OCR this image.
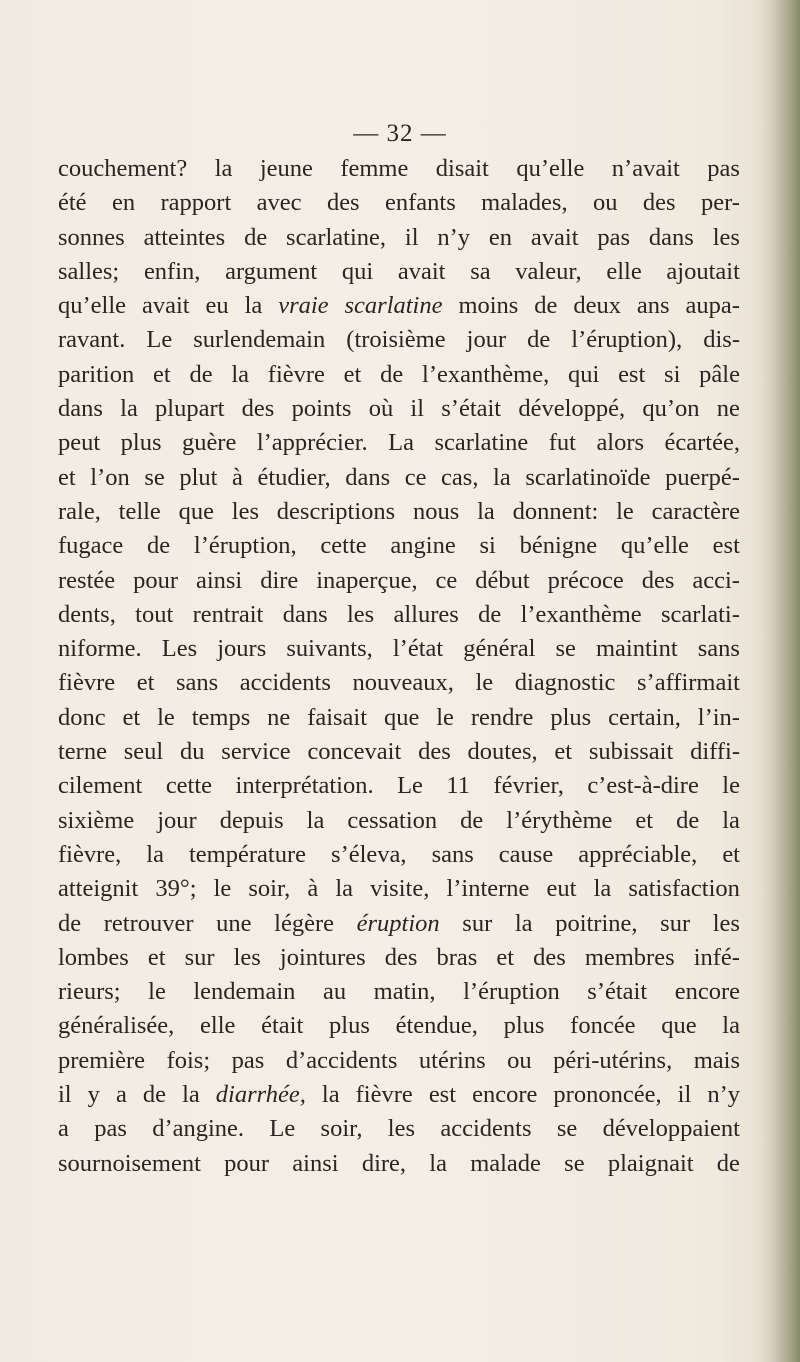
— 32 —
couchement? la jeune femme disait qu’elle n’avait pas
été en rapport avec des enfants malades, ou des per-
sonnes atteintes de scarlatine, il n’y en avait pas dans les
salles; enfin, argument qui avait sa valeur, elle ajoutait
qu’elle avait eu la vraie scarlatine moins de deux ans aupa-
ravant. Le surlendemain (troisième jour de l’éruption), dis-
parition et de la fièvre et de l’exanthème, qui est si pâle
dans la plupart des points où il s’était développé, qu’on ne
peut plus guère l’apprécier. La scarlatine fut alors écartée,
et l’on se plut à étudier, dans ce cas, la scarlatinoïde puerpé-
rale, telle que les descriptions nous la donnent: le caractère
fugace de l’éruption, cette angine si bénigne qu’elle est
restée pour ainsi dire inaperçue, ce début précoce des acci-
dents, tout rentrait dans les allures de l’exanthème scarlati-
niforme. Les jours suivants, l’état général se maintint sans
fièvre et sans accidents nouveaux, le diagnostic s’affirmait
donc et le temps ne faisait que le rendre plus certain, l’in-
terne seul du service concevait des doutes, et subissait diffi-
cilement cette interprétation. Le 11 février, c’est-à-dire le
sixième jour depuis la cessation de l’érythème et de la
fièvre, la température s’éleva, sans cause appréciable, et
atteignit 39°; le soir, à la visite, l’interne eut la satisfaction
de retrouver une légère éruption sur la poitrine, sur les
lombes et sur les jointures des bras et des membres infé-
rieurs; le lendemain au matin, l’éruption s’était encore
généralisée, elle était plus étendue, plus foncée que la
première fois; pas d’accidents utérins ou péri-utérins, mais
il y a de la diarrhée, la fièvre est encore prononcée, il n’y
a pas d’angine. Le soir, les accidents se développaient
sournoisement pour ainsi dire, la malade se plaignait de
